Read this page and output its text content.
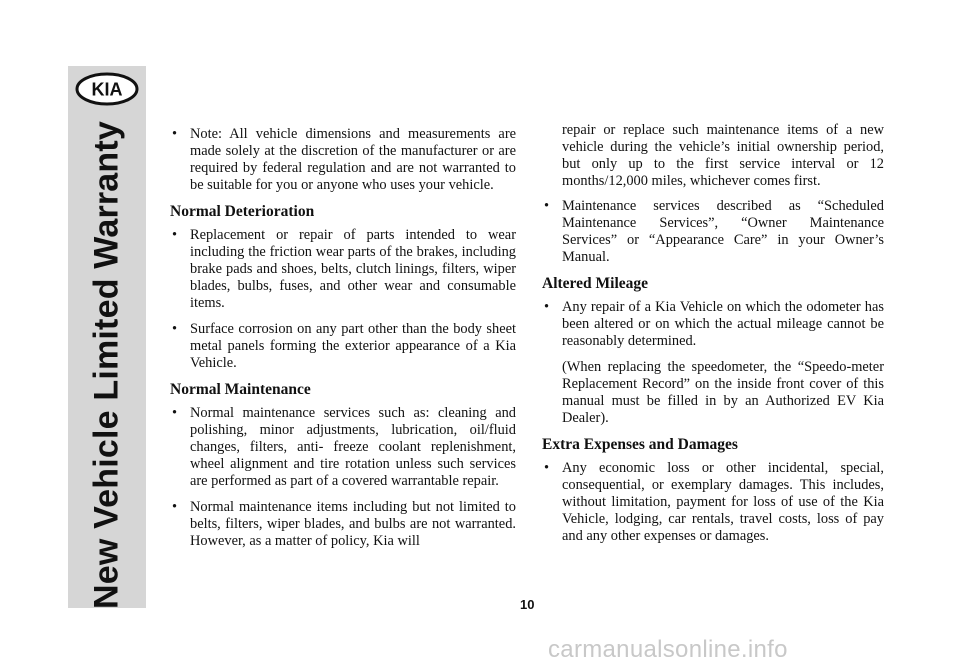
KIA
New Vehicle Limited Warranty

•	Note: All vehicle dimensions and measurements are made solely at the discretion of the manufacturer or are required by federal regulation and are not warranted to be suitable for you or anyone who uses your vehicle.

Normal Deterioration

• Replacement or repair of parts intended to wear including the friction wear parts of the brakes, including brake pads and shoes, belts, clutch linings, filters, wiper blades, bulbs, fuses, and other wear and consumable items.

• Surface corrosion on any part other than the body sheet metal panels forming the exterior appearance of a Kia Vehicle.

Normal Maintenance

• Normal maintenance services such as: cleaning and polishing, minor adjustments, lubrication, oil/fluid changes, filters, anti- freeze coolant replenishment, wheel alignment and tire rotation unless such services are performed as part of a covered warrantable repair.

• Normal maintenance items including but not limited to belts, filters, wiper blades, and bulbs are not warranted. However, as a matter of policy, Kia will

repair or replace such maintenance items of a new vehicle during the vehicle’s initial ownership period, but only up to the first service interval or 12 months/12,000 miles, whichever comes first.

• Maintenance services described as “Scheduled Maintenance Services”, “Owner Maintenance Services” or “Appearance Care” in your Owner’s Manual.

Altered Mileage

• Any repair of a Kia Vehicle on which the odometer has been altered or on which the actual mileage cannot be reasonably determined.

(When replacing the speedometer, the “Speedo-meter Replacement Record” on the inside front cover of this manual must be filled in by an Authorized EV Kia Dealer).

Extra Expenses and Damages

• Any economic loss or other incidental, special, consequential, or exemplary damages. This includes, without limitation, payment for loss of use of the Kia Vehicle, lodging, car rentals, travel costs, loss of pay and any other expenses or damages.

10
carmanualsonline.info
